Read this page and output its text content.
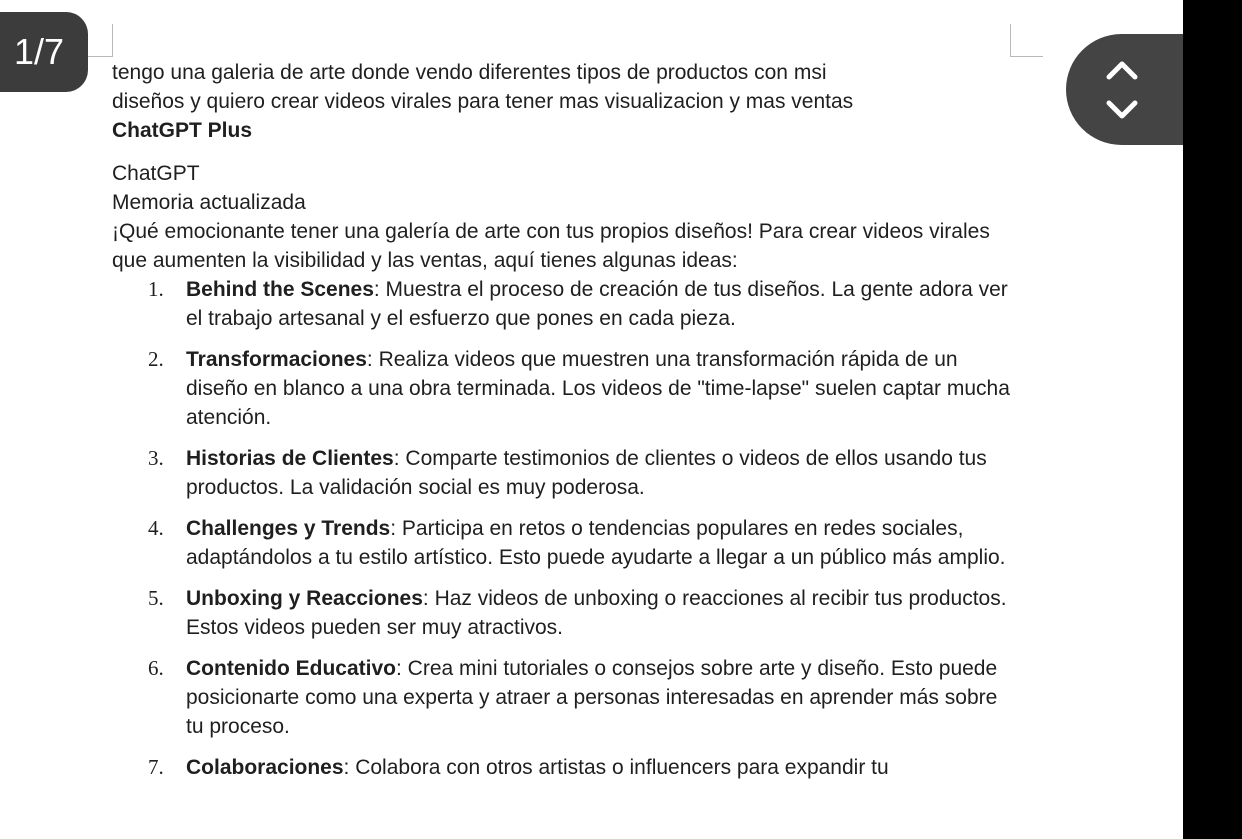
1/7

tengo una galeria de arte donde vendo diferentes tipos de productos con msi

diseños y quiero crear videos virales para tener mas visualizacion y mas ventas

ChatGPT Plus

ChatGPT

Memoria actualizada

¡Qué emocionante tener una galería de arte con tus propios diseños! Para crear videos virales que aumenten la visibilidad y las ventas, aquí tienes algunas ideas:

1. Behind the Scenes: Muestra el proceso de creación de tus diseños. La gente adora ver el trabajo artesanal y el esfuerzo que pones en cada pieza.
2. Transformaciones: Realiza videos que muestren una transformación rápida de un diseño en blanco a una obra terminada. Los videos de "time-lapse" suelen captar mucha atención.
3. Historias de Clientes: Comparte testimonios de clientes o videos de ellos usando tus productos. La validación social es muy poderosa.
4. Challenges y Trends: Participa en retos o tendencias populares en redes sociales, adaptándolos a tu estilo artístico. Esto puede ayudarte a llegar a un público más amplio.
5. Unboxing y Reacciones: Haz videos de unboxing o reacciones al recibir tus productos. Estos videos pueden ser muy atractivos.
6. Contenido Educativo: Crea mini tutoriales o consejos sobre arte y diseño. Esto puede posicionarte como una experta y atraer a personas interesadas en aprender más sobre tu proceso.
7. Colaboraciones: Colabora con otros artistas o influencers para expandir tu
